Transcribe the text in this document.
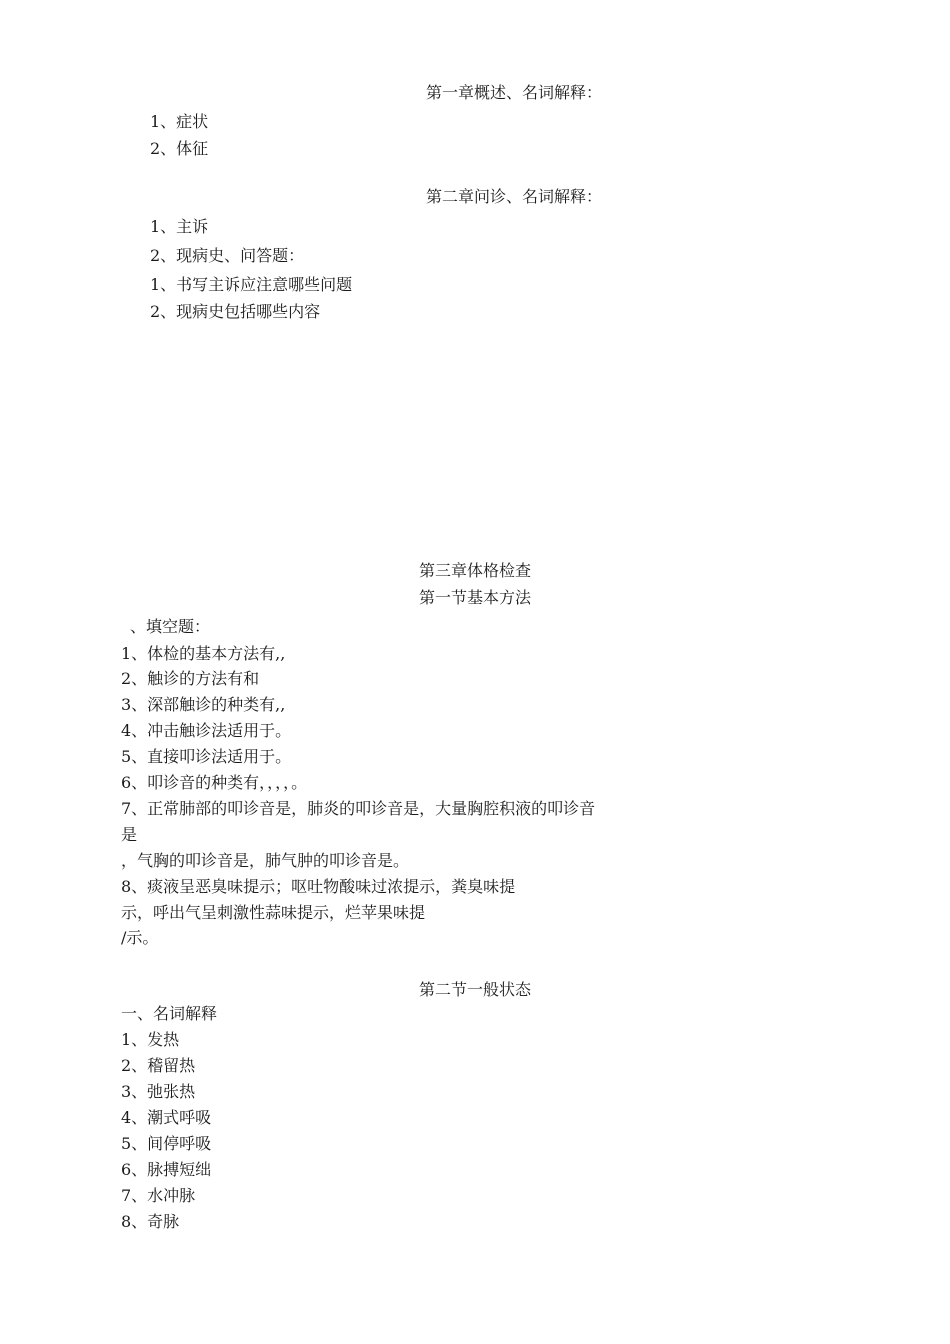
第一章概述、名词解释：
1、症状
2、体征
第二章问诊、名词解释：
1、主诉
2、现病史、问答题：
1、书写主诉应注意哪些问题
2、现病史包括哪些内容
第三章体格检查
第一节基本方法
、填空题：
1、体检的基本方法有,,
2、触诊的方法有和
3、深部触诊的种类有,,
4、冲击触诊法适用于。
5、直接叩诊法适用于。
6、叩诊音的种类有，，，，。
7、正常肺部的叩诊音是，肺炎的叩诊音是，大量胸腔积液的叩诊音
是
，气胸的叩诊音是，肺气肿的叩诊音是。
8、痰液呈恶臭味提示；呕吐物酸味过浓提示，粪臭味提
示，呼出气呈刺激性蒜味提示，烂苹果味提
/示。
第二节一般状态
一、名词解释
1、发热
2、稽留热
3、弛张热
4、潮式呼吸
5、间停呼吸
6、脉搏短绌
7、水冲脉
8、奇脉
